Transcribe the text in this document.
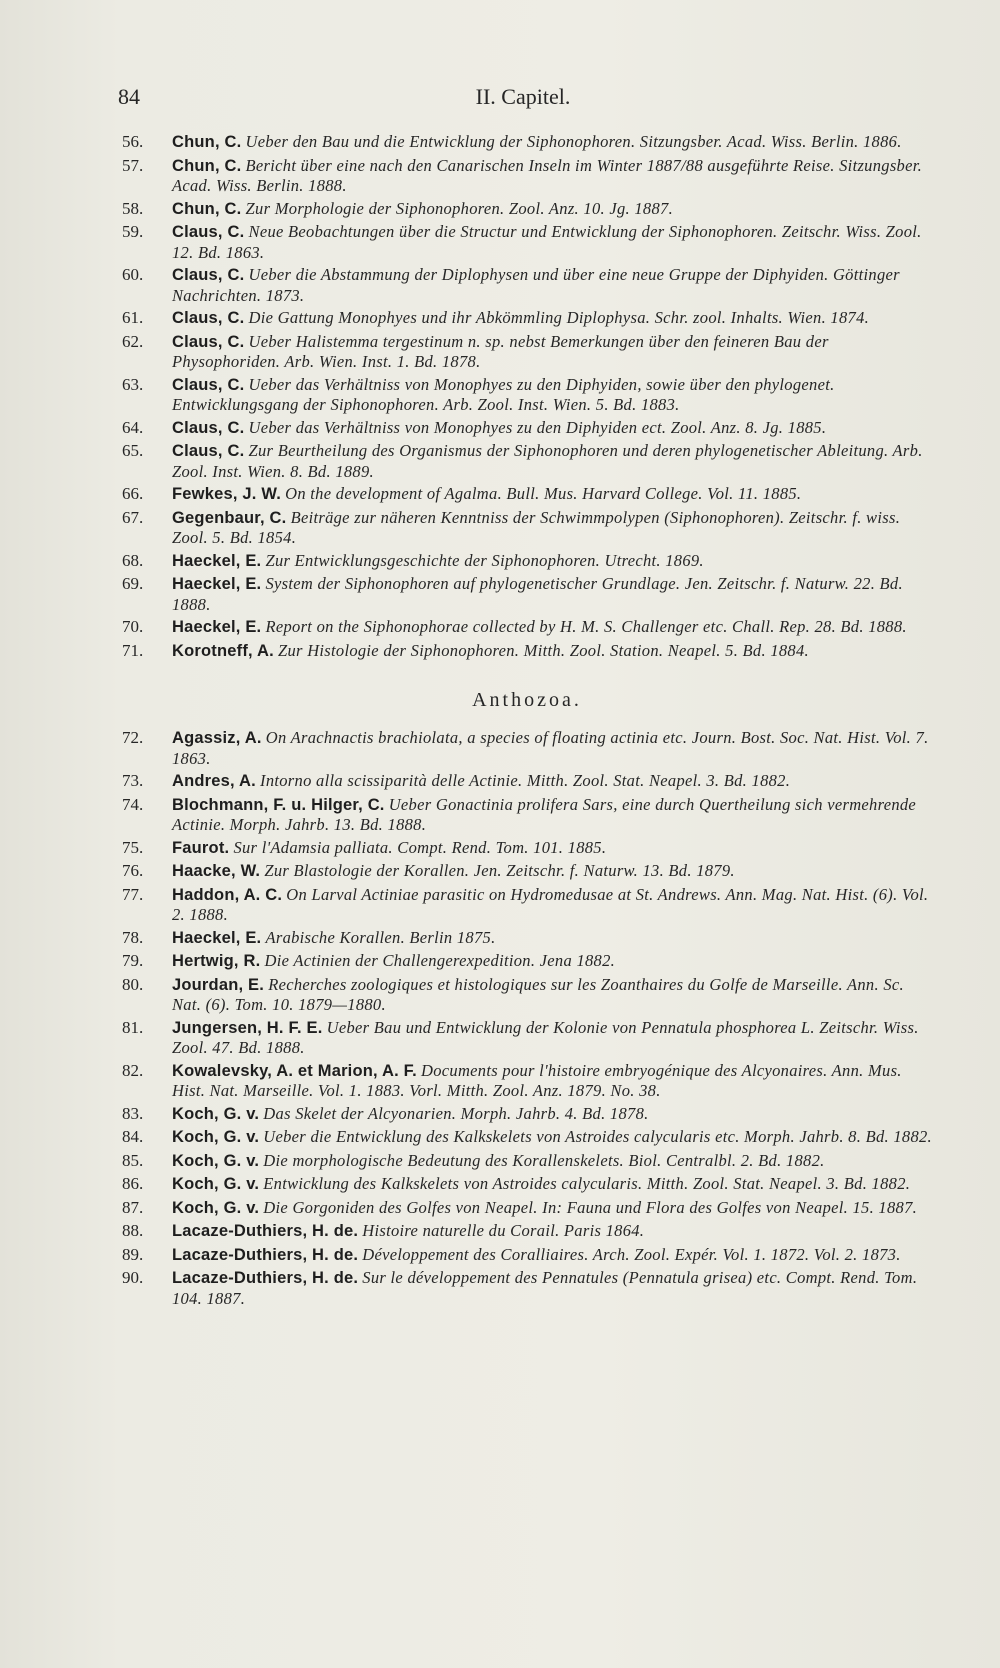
84	II. Capitel.
56. Chun, C. Ueber den Bau und die Entwicklung der Siphonophoren. Sitzungsber. Acad. Wiss. Berlin. 1886.
57. Chun, C. Bericht über eine nach den Canarischen Inseln im Winter 1887/88 ausgeführte Reise. Sitzungsber. Acad. Wiss. Berlin. 1888.
58. Chun, C. Zur Morphologie der Siphonophoren. Zool. Anz. 10. Jg. 1887.
59. Claus, C. Neue Beobachtungen über die Structur und Entwicklung der Siphonophoren. Zeitschr. Wiss. Zool. 12. Bd. 1863.
60. Claus, C. Ueber die Abstammung der Diplophysen und über eine neue Gruppe der Diphyiden. Göttinger Nachrichten. 1873.
61. Claus, C. Die Gattung Monophyes und ihr Abkömmling Diplophysa. Schr. zool. Inhalts. Wien. 1874.
62. Claus, C. Ueber Halistemma tergestinum n. sp. nebst Bemerkungen über den feineren Bau der Physophoriden. Arb. Wien. Inst. 1. Bd. 1878.
63. Claus, C. Ueber das Verhältniss von Monophyes zu den Diphyiden, sowie über den phylogenet. Entwicklungsgang der Siphonophoren. Arb. Zool. Inst. Wien. 5. Bd. 1883.
64. Claus, C. Ueber das Verhältniss von Monophyes zu den Diphyiden ect. Zool. Anz. 8. Jg. 1885.
65. Claus, C. Zur Beurtheilung des Organismus der Siphonophoren und deren phylogenetischer Ableitung. Arb. Zool. Inst. Wien. 8. Bd. 1889.
66. Fewkes, J. W. On the development of Agalma. Bull. Mus. Harvard College. Vol. 11. 1885.
67. Gegenbaur, C. Beiträge zur näheren Kenntniss der Schwimmpolypen (Siphonophoren). Zeitschr. f. wiss. Zool. 5. Bd. 1854.
68. Haeckel, E. Zur Entwicklungsgeschichte der Siphonophoren. Utrecht. 1869.
69. Haeckel, E. System der Siphonophoren auf phylogenetischer Grundlage. Jen. Zeitschr. f. Naturw. 22. Bd. 1888.
70. Haeckel, E. Report on the Siphonophorae collected by H. M. S. Challenger etc. Chall. Rep. 28. Bd. 1888.
71. Korotneff, A. Zur Histologie der Siphonophoren. Mitth. Zool. Station. Neapel. 5. Bd. 1884.
Anthozoa.
72. Agassiz, A. On Arachnactis brachiolata, a species of floating actinia etc. Journ. Bost. Soc. Nat. Hist. Vol. 7. 1863.
73. Andres, A. Intorno alla scissiparità delle Actinie. Mitth. Zool. Stat. Neapel. 3. Bd. 1882.
74. Blochmann, F. u. Hilger, C. Ueber Gonactinia prolifera Sars, eine durch Quertheilung sich vermehrende Actinie. Morph. Jahrb. 13. Bd. 1888.
75. Faurot. Sur l'Adamsia palliata. Compt. Rend. Tom. 101. 1885.
76. Haacke, W. Zur Blastologie der Korallen. Jen. Zeitschr. f. Naturw. 13. Bd. 1879.
77. Haddon, A. C. On Larval Actiniae parasitic on Hydromedusae at St. Andrews. Ann. Mag. Nat. Hist. (6). Vol. 2. 1888.
78. Haeckel, E. Arabische Korallen. Berlin 1875.
79. Hertwig, R. Die Actinien der Challengerexpedition. Jena 1882.
80. Jourdan, E. Recherches zoologiques et histologiques sur les Zoanthaires du Golfe de Marseille. Ann. Sc. Nat. (6). Tom. 10. 1879—1880.
81. Jungersen, H. F. E. Ueber Bau und Entwicklung der Kolonie von Pennatula phosphorea L. Zeitschr. Wiss. Zool. 47. Bd. 1888.
82. Kowalevsky, A. et Marion, A. F. Documents pour l'histoire embryogénique des Alcyonaires. Ann. Mus. Hist. Nat. Marseille. Vol. 1. 1883. Vorl. Mitth. Zool. Anz. 1879. No. 38.
83. Koch, G. v. Das Skelet der Alcyonarien. Morph. Jahrb. 4. Bd. 1878.
84. Koch, G. v. Ueber die Entwicklung des Kalkskelets von Astroides calycularis etc. Morph. Jahrb. 8. Bd. 1882.
85. Koch, G. v. Die morphologische Bedeutung des Korallenskelets. Biol. Centralbl. 2. Bd. 1882.
86. Koch, G. v. Entwicklung des Kalkskelets von Astroides calycularis. Mitth. Zool. Stat. Neapel. 3. Bd. 1882.
87. Koch, G. v. Die Gorgoniden des Golfes von Neapel. In: Fauna und Flora des Golfes von Neapel. 15. 1887.
88. Lacaze-Duthiers, H. de. Histoire naturelle du Corail. Paris 1864.
89. Lacaze-Duthiers, H. de. Développement des Coralliaires. Arch. Zool. Expér. Vol. 1. 1872. Vol. 2. 1873.
90. Lacaze-Duthiers, H. de. Sur le développement des Pennatules (Pennatula grisea) etc. Compt. Rend. Tom. 104. 1887.
